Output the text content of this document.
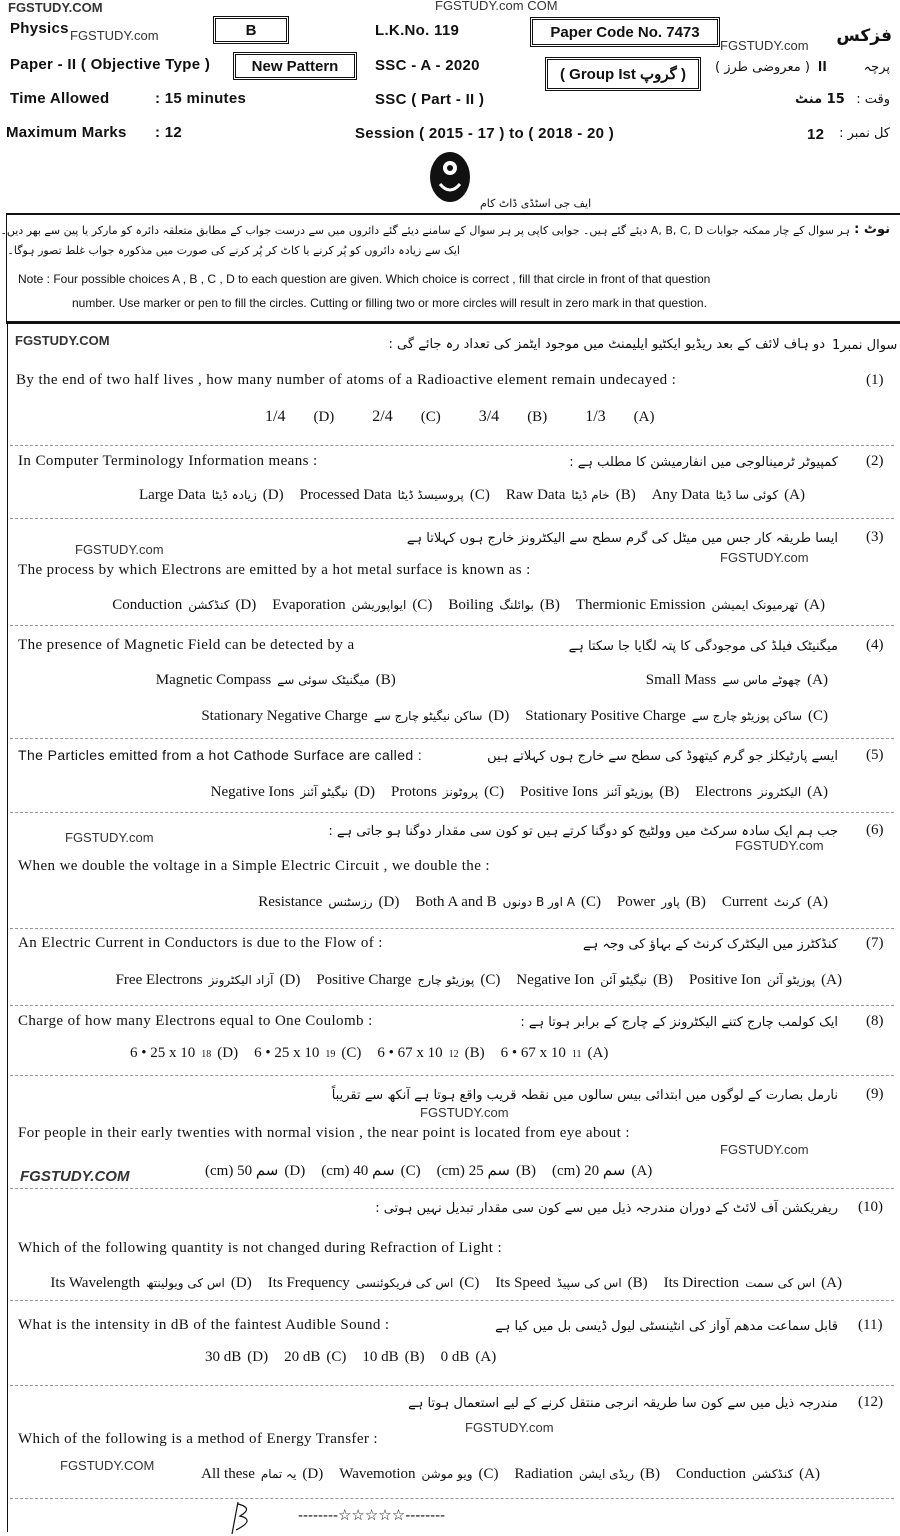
FGSTUDY.COM	FGSTUDY.com COM
FGSTUDY.com
FGSTUDY.com
FGSTUDY.COM
FGSTUDY.com
FGSTUDY.com
FGSTUDY.com
FGSTUDY.com
FGSTUDY.com
FGSTUDY.COM
FGSTUDY.com
FGSTUDY.com
FGSTUDY.COM
Physics	B	L.K.No. 119	Paper Code No. 7473	فزکس
Paper - II ( Objective Type )	New Pattern	SSC - A - 2020
( Group Ist گروپ )	( معروضی طرز ) II	پرچہ
Time Allowed	: 15 minutes	SSC ( Part - II )	15 منٹ وقت :
Maximum Marks : 12	Session ( 2015 - 17 ) to ( 2018 - 20 )	12 کل نمبر :
ایف جی اسٹڈی ڈاٹ کام
نوٹ :
ہر سوال کے چار ممکنہ جوابات A, B, C, D دیئے گئے ہیں۔ جوابی کاپی پر ہر سوال کے سامنے دیئے گئے دائروں میں سے درست جواب کے مطابق متعلقہ دائرہ کو مارکر یا پین سے بھر دیں۔
ایک سے زیادہ دائروں کو پُر کرنے یا کاٹ کر پُر کرنے کی صورت میں مذکورہ جواب غلط تصور ہوگا۔
Note : Four possible choices A , B , C , D to each question are given. Which choice is correct , fill that circle in front of that question
number. Use marker or pen to fill the circles. Cutting or filling two or more circles will result in zero mark in that question.
سوال نمبر1
(1)
دو ہاف لائف کے بعد ریڈیو ایکٹیو ایلیمنٹ میں موجود ایٹمز کی تعداد رہ جائے گی :
By the end of two half lives , how many number of atoms of a Radioactive element remain undecayed :
1/4 (D) 2/4 (C) 3/4 (B) 1/3 (A)
(2)
کمپیوٹر ٹرمینالوجی میں انفارمیشن کا مطلب ہے :
In Computer Terminology Information means :
Large Data زیادہ ڈیٹا (D) Processed Data پروسیسڈ ڈیٹا (C) Raw Data خام ڈیٹا (B) Any Data کوئی سا ڈیٹا (A)
(3)
ایسا طریقہ کار جس میں میٹل کی گرم سطح سے الیکٹرونز خارج ہوں کہلاتا ہے
The process by which Electrons are emitted by a hot metal surface is known as :
Conduction کنڈکشن (D) Evaporation ایواپوریشن (C) Boiling بوائلنگ (B) Thermionic Emission تھرمیونک ایمیشن (A)
(4)
میگنیٹک فیلڈ کی موجودگی کا پتہ لگایا جا سکتا ہے
The presence of Magnetic Field can be detected by a
Magnetic Compass میگنیٹک سوئی سے (B)	Small Mass چھوٹے ماس سے (A)
Stationary Negative Charge ساکن نیگیٹو چارج سے (D) Stationary Positive Charge ساکن پوزیٹو چارج سے (C)
(5)
ایسے پارٹیکلز جو گرم کیتھوڈ کی سطح سے خارج ہوں کہلاتے ہیں
The Particles emitted from a hot Cathode Surface are called :
Negative Ions نیگیٹو آئنز (D) Protons پروٹونز (C) Positive Ions پوزیٹو آئنز (B) Electrons الیکٹرونز (A)
(6)
جب ہم ایک سادہ سرکٹ میں وولٹیج کو دوگنا کرتے ہیں تو کون سی مقدار دوگنا ہو جاتی ہے :
When we double the voltage in a Simple Electric Circuit , we double the :
Resistance رزسٹنس (D) Both A and B A اور B دونوں (C) Power پاور (B) Current کرنٹ (A)
(7)
کنڈکٹرز میں الیکٹرک کرنٹ کے بہاؤ کی وجہ ہے
An Electric Current in Conductors is due to the Flow of :
Free Electrons آزاد الیکٹرونز (D) Positive Charge پوزیٹو چارج (C) Negative Ion نیگیٹو آئن (B) Positive Ion پوزیٹو آئن (A)
(8)
ایک کولمب چارج کتنے الیکٹرونز کے چارج کے برابر ہوتا ہے :
Charge of how many Electrons equal to One Coulomb :
6 • 25 x 10 18 (D) 6 • 25 x 10 19 (C) 6 • 67 x 10 12 (B) 6 • 67 x 10 11 (A)
(9)
نارمل بصارت کے لوگوں میں ابتدائی بیس سالوں میں نقطہ قریب واقع ہوتا ہے آنکھ سے تقریباً
For people in their early twenties with normal vision , the near point is located from eye about :
(cm) سم 50 (D) (cm) سم 40 (C) (cm) سم 25 (B) (cm) سم 20 (A)
(10)
ریفریکشن آف لائٹ کے دوران مندرجہ ذیل میں سے کون سی مقدار تبدیل نہیں ہوتی :
Which of the following quantity is not changed during Refraction of Light :
Its Wavelength اس کی ویولینتھ (D) Its Frequency اس کی فریکوئنسی (C) Its Speed اس کی سپیڈ (B) Its Direction اس کی سمت (A)
(11)
قابل سماعت مدھم آواز کی انٹینسٹی لیول ڈیسی بل میں کیا ہے
What is the intensity in dB of the faintest Audible Sound :
30 dB (D) 20 dB (C) 10 dB (B) 0 dB (A)
(12)
مندرجہ ذیل میں سے کون سا طریقہ انرجی منتقل کرنے کے لیے استعمال ہوتا ہے
Which of the following is a method of Energy Transfer :
All these یہ تمام (D) Wavemotion ویو موشن (C) Radiation ریڈی ایشن (B) Conduction کنڈکشن (A)
--------☆☆☆☆☆--------
